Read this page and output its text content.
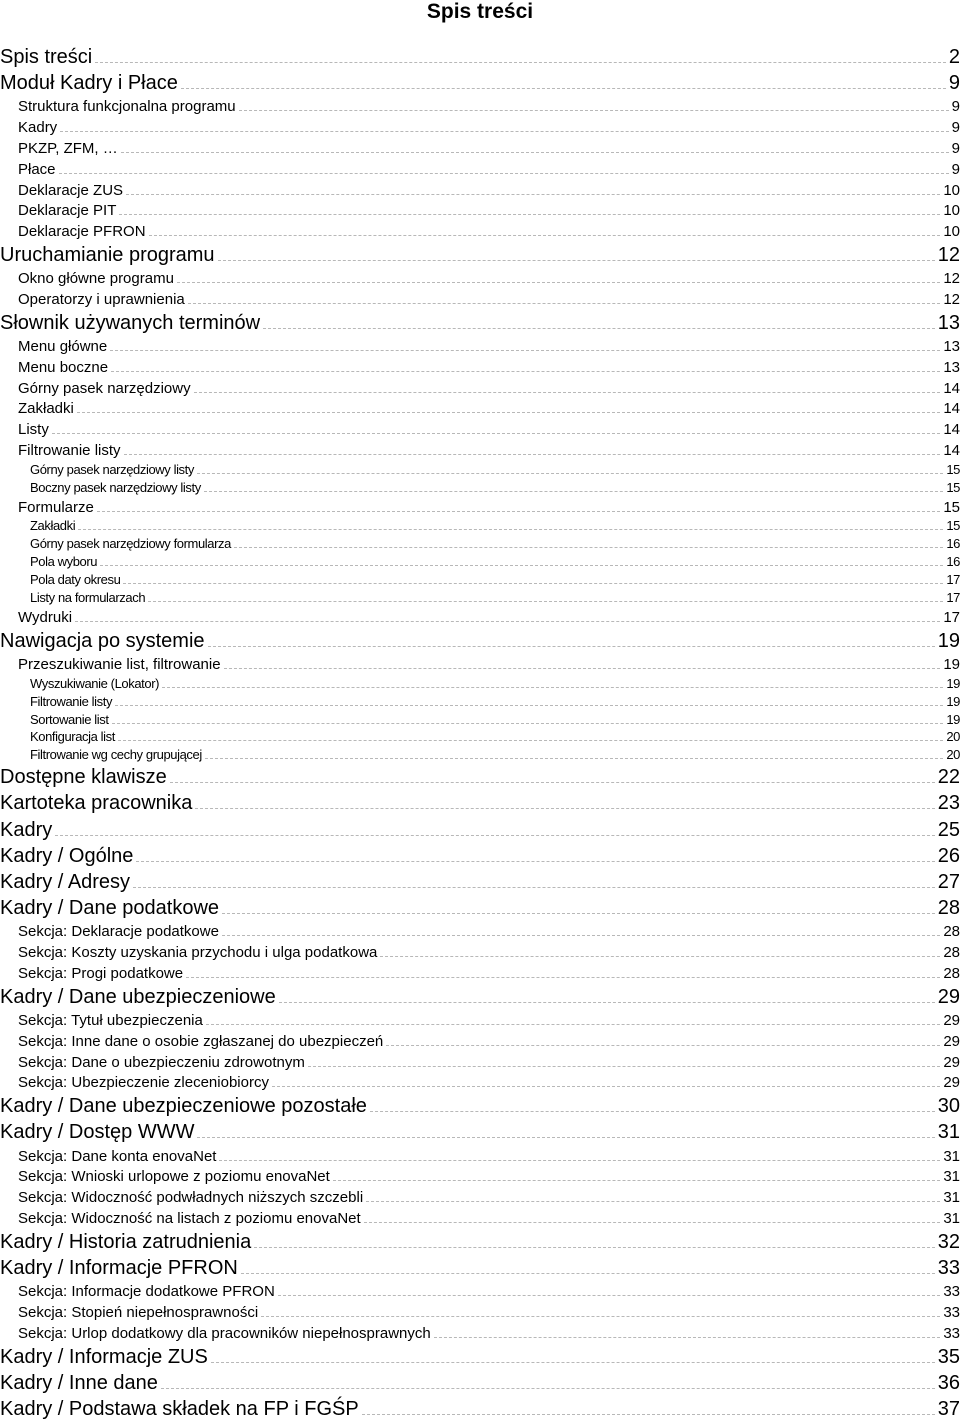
Spis treści
Spis treści	2
Moduł Kadry i Płace	9
Struktura funkcjonalna programu	9
Kadry	9
PKZP, ZFM, …	9
Płace	9
Deklaracje ZUS	10
Deklaracje PIT	10
Deklaracje PFRON	10
Uruchamianie programu	12
Okno główne programu	12
Operatorzy i uprawnienia	12
Słownik używanych terminów	13
Menu główne	13
Menu boczne	13
Górny pasek narzędziowy	14
Zakładki	14
Listy	14
Filtrowanie listy	14
Górny pasek narzędziowy listy	15
Boczny pasek narzędziowy listy	15
Formularze	15
Zakładki	15
Górny pasek narzędziowy formularza	16
Pola wyboru	16
Pola daty okresu	17
Listy na formularzach	17
Wydruki	17
Nawigacja po systemie	19
Przeszukiwanie list, filtrowanie	19
Wyszukiwanie (Lokator)	19
Filtrowanie listy	19
Sortowanie list	19
Konfiguracja list	20
Filtrowanie wg cechy grupującej	20
Dostępne klawisze	22
Kartoteka pracownika	23
Kadry	25
Kadry / Ogólne	26
Kadry / Adresy	27
Kadry / Dane podatkowe	28
Sekcja: Deklaracje podatkowe	28
Sekcja: Koszty uzyskania przychodu i ulga podatkowa	28
Sekcja: Progi podatkowe	28
Kadry / Dane ubezpieczeniowe	29
Sekcja: Tytuł ubezpieczenia	29
Sekcja: Inne dane o osobie zgłaszanej do ubezpieczeń	29
Sekcja: Dane o ubezpieczeniu zdrowotnym	29
Sekcja: Ubezpieczenie zleceniobiorcy	29
Kadry / Dane ubezpieczeniowe pozostałe	30
Kadry / Dostęp WWW	31
Sekcja: Dane konta enovaNet	31
Sekcja: Wnioski urlopowe z poziomu enovaNet	31
Sekcja: Widoczność podwładnych niższych szczebli	31
Sekcja: Widoczność na listach z poziomu enovaNet	31
Kadry / Historia zatrudnienia	32
Kadry / Informacje PFRON	33
Sekcja: Informacje dodatkowe PFRON	33
Sekcja: Stopień niepełnosprawności	33
Sekcja: Urlop dodatkowy dla pracowników niepełnosprawnych	33
Kadry / Informacje ZUS	35
Kadry / Inne dane	36
Kadry / Podstawa składek na FP i FGŚP	37
